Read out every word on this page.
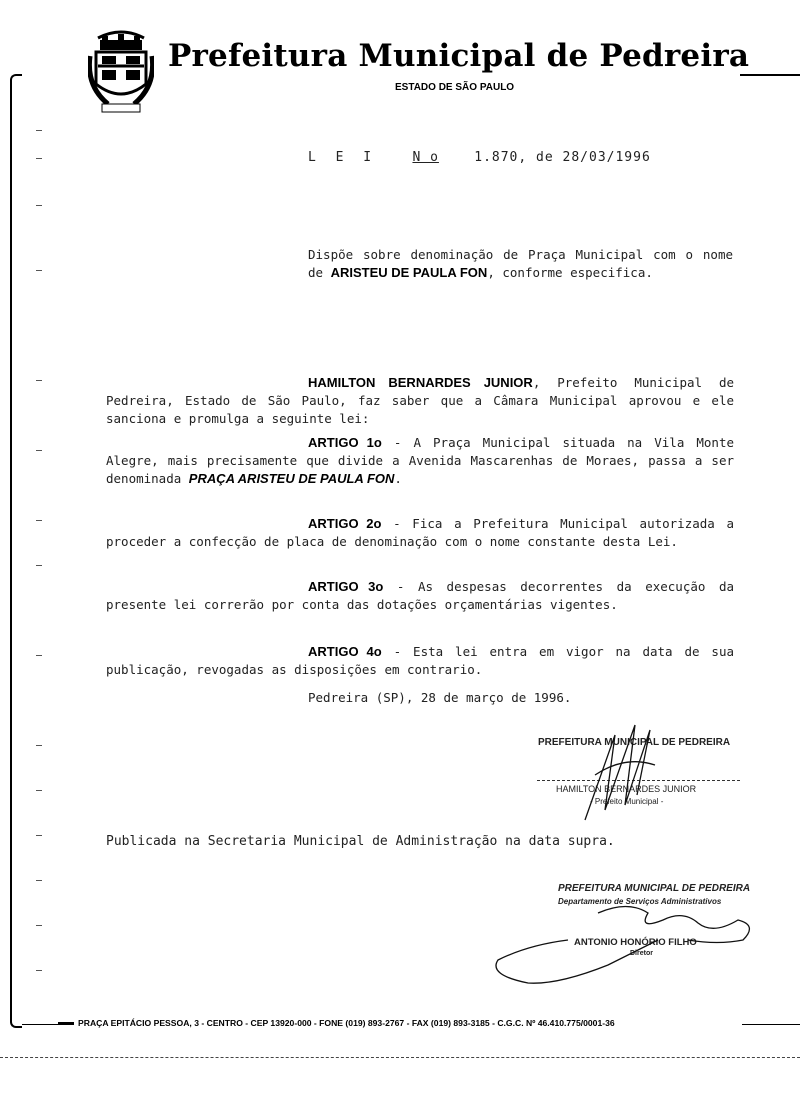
Prefeitura Municipal de Pedreira
ESTADO DE SÃO PAULO
L E I	N o	1.870, de 28/03/1996
Dispõe sobre denominação de Praça Municipal com o nome de ARISTEU DE PAULA FON, conforme especifica.
HAMILTON BERNARDES JUNIOR, Prefeito Municipal de Pedreira, Estado de São Paulo, faz saber que a Câmara Municipal aprovou e ele sanciona e promulga a seguinte lei:
ARTIGO 1o - A Praça Municipal situada na Vila Monte Alegre, mais precisamente que divide a Avenida Mascarenhas de Moraes, passa a ser denominada PRAÇA ARISTEU DE PAULA FON.
ARTIGO 2o - Fica a Prefeitura Municipal autorizada a proceder a confecção de placa de denominação com o nome constante desta Lei.
ARTIGO 3o - As despesas decorrentes da execução da presente lei correrão por conta das dotações orçamentárias vigentes.
ARTIGO 4o - Esta lei entra em vigor na data de sua publicação, revogadas as disposições em contrario.
Pedreira (SP), 28 de março de 1996.
PREFEITURA MUNICIPAL DE PEDREIRA
HAMILTON BERNARDES JUNIOR
- Prefeito Municipal -
Publicada na Secretaria Municipal de Administração na data supra.
PREFEITURA MUNICIPAL DE PEDREIRA
Departamento de Serviços Administrativos
ANTONIO HONÓRIO FILHO
Diretor
PRAÇA EPITÁCIO PESSOA, 3 - CENTRO - CEP 13920-000 - FONE (019) 893-2767 - FAX (019) 893-3185 - C.G.C. Nº 46.410.775/0001-36
